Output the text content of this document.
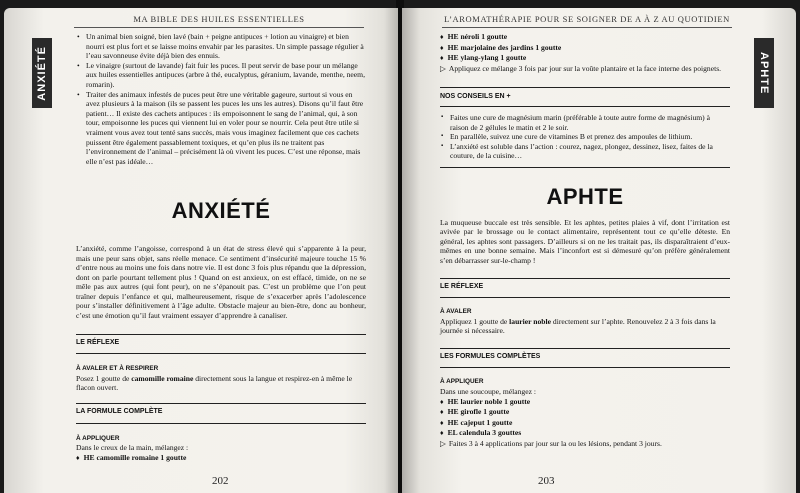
ANXIÉTÉ
MA BIBLE DES HUILES ESSENTIELLES
• Un animal bien soigné, bien lavé (bain + peigne antipuces + lotion au vinaigre) et bien nourri est plus fort et se laisse moins envahir par les parasites. Un simple passage régulier à l’eau savonneuse évite déjà bien des ennuis.
• Le vinaigre (surtout de lavande) fait fuir les puces. Il peut servir de base pour un mélange aux huiles essentielles antipuces (arbre à thé, eucalyptus, géranium, lavande, menthe, neem, romarin).
• Traiter des animaux infestés de puces peut être une véritable gageure, surtout si vous en avez plusieurs à la maison (ils se passent les puces les uns les autres). Disons qu’il faut être patient… Il existe des cachets antipuces : ils empoisonnent le sang de l’animal, qui, à son tour, empoisonne les puces qui viennent lui en voler pour se nourrir. Cela peut être utile si vraiment vous avez tout tenté sans succès, mais vous imaginez facilement que ces cachets puissent être également passablement toxiques, et qu’en plus ils ne traitent pas l’environnement de l’animal – précisément là où vivent les puces. C’est une réponse, mais elle n’est pas idéale…
ANXIÉTÉ

L’anxiété, comme l’angoisse, correspond à un état de stress élevé qui s’apparente à la peur, mais une peur sans objet, sans réelle menace. Ce sentiment d’insécurité majeure touche 15 % d’entre nous au moins une fois dans notre vie. Il est donc 3 fois plus répandu que la dépression, dont on parle pourtant tellement plus ! Quand on est anxieux, on est effacé, timide, on ne se mêle pas aux autres (qui font peur), on ne s’épanouit pas. C’est un problème que l’on peut traîner depuis l’enfance et qui, malheureusement, risque de s’exacerber après l’adolescence pour s’installer définitivement à l’âge adulte. Obstacle majeur au bien-être, donc au bonheur, c’est une émotion qu’il faut vraiment essayer d’apprendre à canaliser.

LE RÉFLEXE
À AVALER ET À RESPIRER

Posez 1 goutte de camomille romaine directement sous la langue et respirez-en à même le flacon ouvert.

LA FORMULE COMPLÈTE
À APPLIQUER

Dans le creux de la main, mélangez :

♦ HE camomille romaine 1 goutte
202
APHTE
L’AROMATHÉRAPIE POUR SE SOIGNER DE A À Z AU QUOTIDIEN
♦ HE néroli 1 goutte
♦ HE marjolaine des jardins 1 goutte
♦ HE ylang-ylang 1 goutte
▷ Appliquez ce mélange 3 fois par jour sur la voûte plantaire et la face interne des poignets.
NOS CONSEILS EN +
▪ Faites une cure de magnésium marin (préférable à toute autre forme de magnésium) à raison de 2 gélules le matin et 2 le soir.
▪ En parallèle, suivez une cure de vitamines B et prenez des ampoules de lithium.
▪ L’anxiété est soluble dans l’action : courez, nagez, plongez, dessinez, lisez, faites de la couture, de la cuisine…
APHTE

La muqueuse buccale est très sensible. Et les aphtes, petites plaies à vif, dont l’irritation est avivée par le brossage ou le contact alimentaire, représentent tout ce qu’elle déteste. En général, les aphtes sont passagers. D’ailleurs si on ne les traitait pas, ils disparaîtraient d’eux-mêmes en une bonne semaine. Mais l’inconfort est si démesuré qu’on préfère généralement s’en débarrasser sur-le-champ !

LE RÉFLEXE
À AVALER

Appliquez 1 goutte de laurier noble directement sur l’aphte. Renouvelez 2 à 3 fois dans la journée si nécessaire.

LES FORMULES COMPLÈTES
À APPLIQUER

Dans une soucoupe, mélangez :

♦ HE laurier noble 1 goutte
♦ HE girofle 1 goutte
♦ HE cajeput 1 goutte
♦ EL calendula 3 gouttes
▷ Faites 3 à 4 applications par jour sur la ou les lésions, pendant 3 jours.
203
